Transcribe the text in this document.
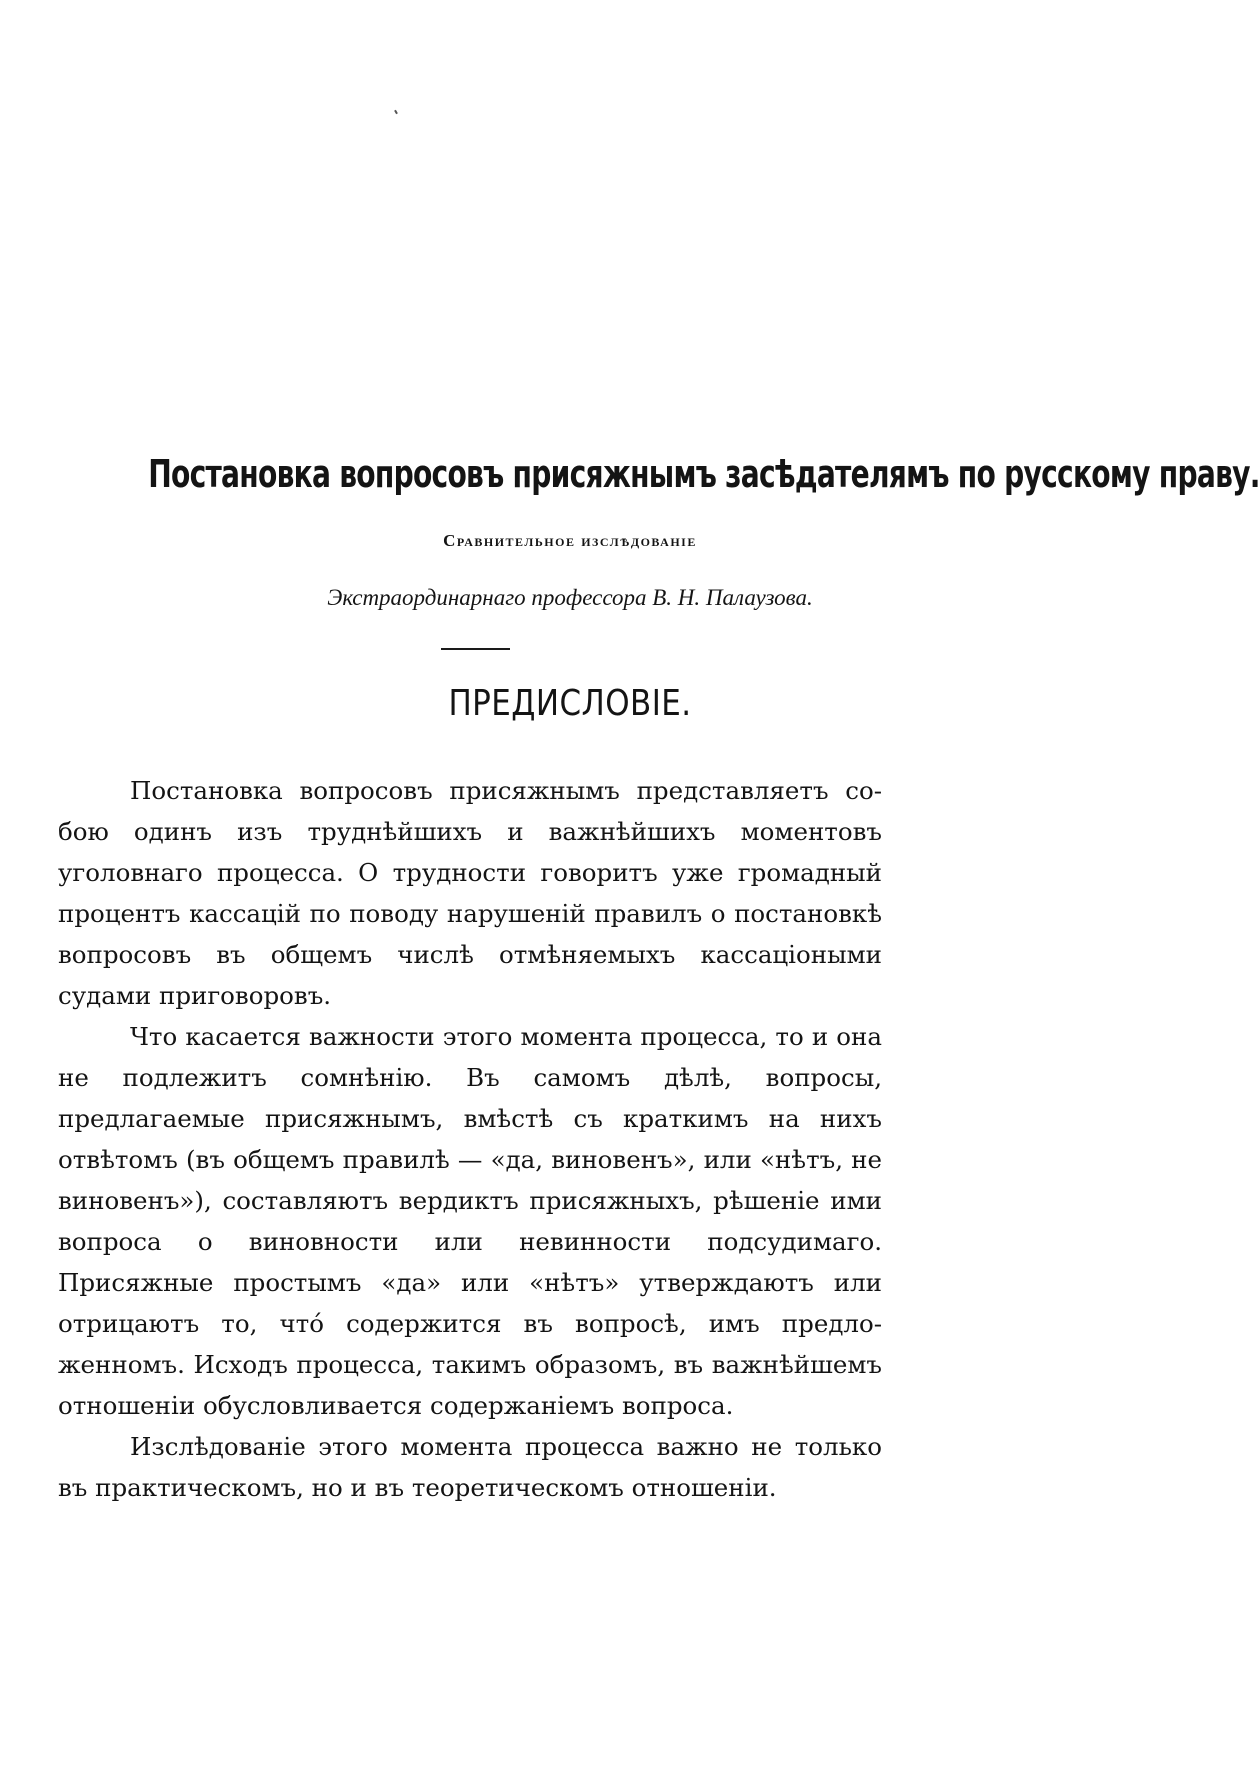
Постановка вопросовъ присяжнымъ засѣдателямъ по русскому праву.
Сравнительное изслѣдованіе
Экстраординарнаго профессора В. Н. Палаузова.
ПРЕДИСЛОВІЕ.

Постановка вопросовъ присяжнымъ представляетъ собою одинъ изъ труднѣйшихъ и важнѣйшихъ моментовъ уголовнаго процесса. О трудности говоритъ уже громадный процентъ кассацій по поводу нарушеній правилъ о постановкѣ вопросовъ въ общемъ числѣ отмѣняемыхъ кассаціоными судами приговоровъ.

Что касается важности этого момента процесса, то и она не подлежитъ сомнѣнію. Въ самомъ дѣлѣ, вопросы, предлагаемые присяжнымъ, вмѣстѣ съ краткимъ на нихъ отвѣтомъ (въ общемъ правилѣ — «да, виновенъ», или «нѣтъ, не виновенъ»), составляютъ вердиктъ присяжныхъ, рѣшеніе ими вопроса о виновности или невинности подсудимаго. Присяжные простымъ «да» или «нѣтъ» утверждаютъ или отрицаютъ то, что́ содержится въ вопросѣ, имъ предложенномъ. Исходъ процесса, такимъ образомъ, въ важнѣйшемъ отношеніи обусловливается содержаніемъ вопроса.

Изслѣдованіе этого момента процесса важно не только въ практическомъ, но и въ теоретическомъ отношеніи.
